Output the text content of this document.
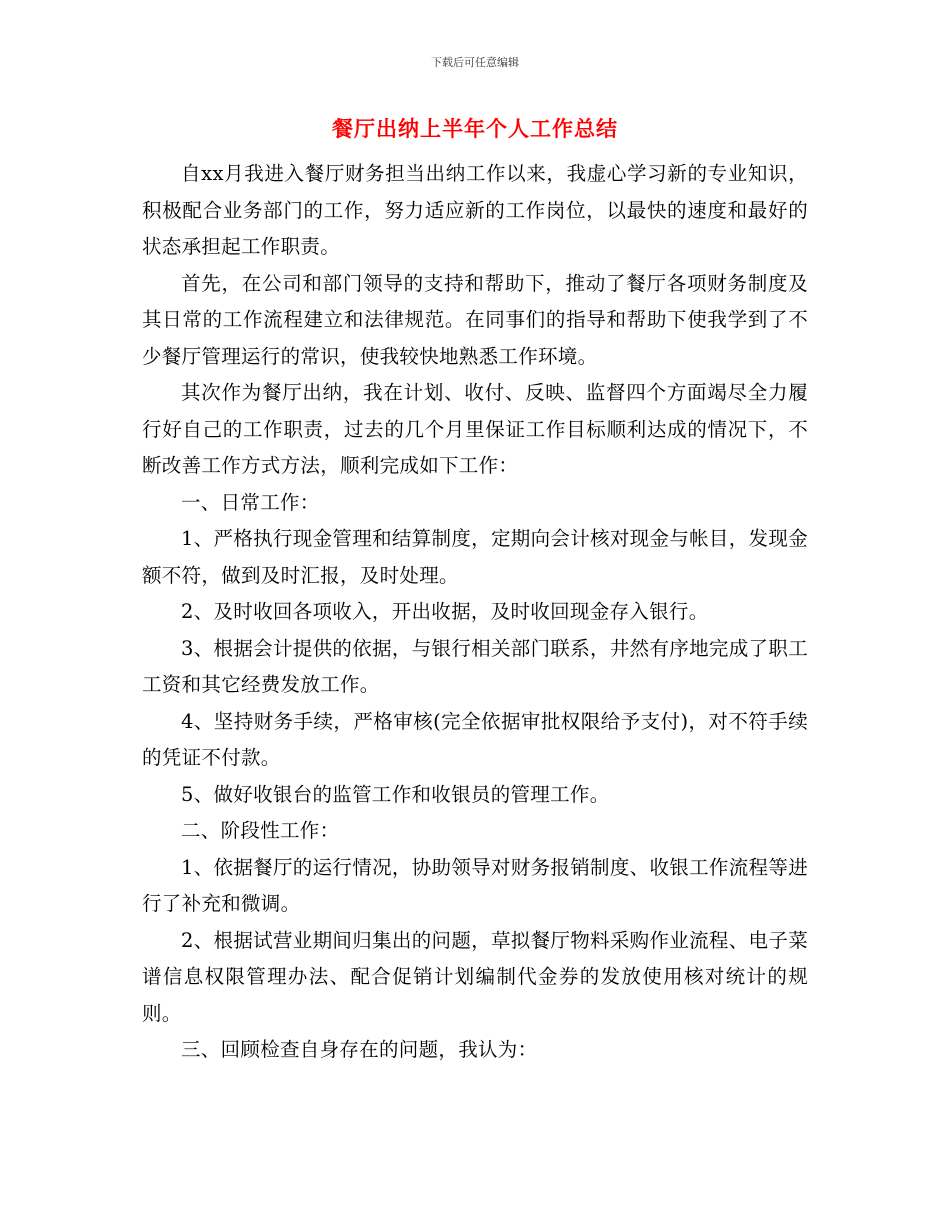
下载后可任意编辑
餐厅出纳上半年个人工作总结

自xx月我进入餐厅财务担当出纳工作以来，我虚心学习新的专业知识，积极配合业务部门的工作，努力适应新的工作岗位，以最快的速度和最好的状态承担起工作职责。

首先，在公司和部门领导的支持和帮助下，推动了餐厅各项财务制度及其日常的工作流程建立和法律规范。在同事们的指导和帮助下使我学到了不少餐厅管理运行的常识，使我较快地熟悉工作环境。

其次作为餐厅出纳，我在计划、收付、反映、监督四个方面竭尽全力履行好自己的工作职责，过去的几个月里保证工作目标顺利达成的情况下，不断改善工作方式方法，顺利完成如下工作：

一、日常工作：

1、严格执行现金管理和结算制度，定期向会计核对现金与帐目，发现金额不符，做到及时汇报，及时处理。

2、及时收回各项收入，开出收据，及时收回现金存入银行。

3、根据会计提供的依据，与银行相关部门联系，井然有序地完成了职工工资和其它经费发放工作。

4、坚持财务手续，严格审核(完全依据审批权限给予支付)，对不符手续的凭证不付款。

5、做好收银台的监管工作和收银员的管理工作。

二、阶段性工作：

1、依据餐厅的运行情况，协助领导对财务报销制度、收银工作流程等进行了补充和微调。

2、根据试营业期间归集出的问题，草拟餐厅物料采购作业流程、电子菜谱信息权限管理办法、配合促销计划编制代金券的发放使用核对统计的规则。

三、回顾检查自身存在的问题，我认为：
